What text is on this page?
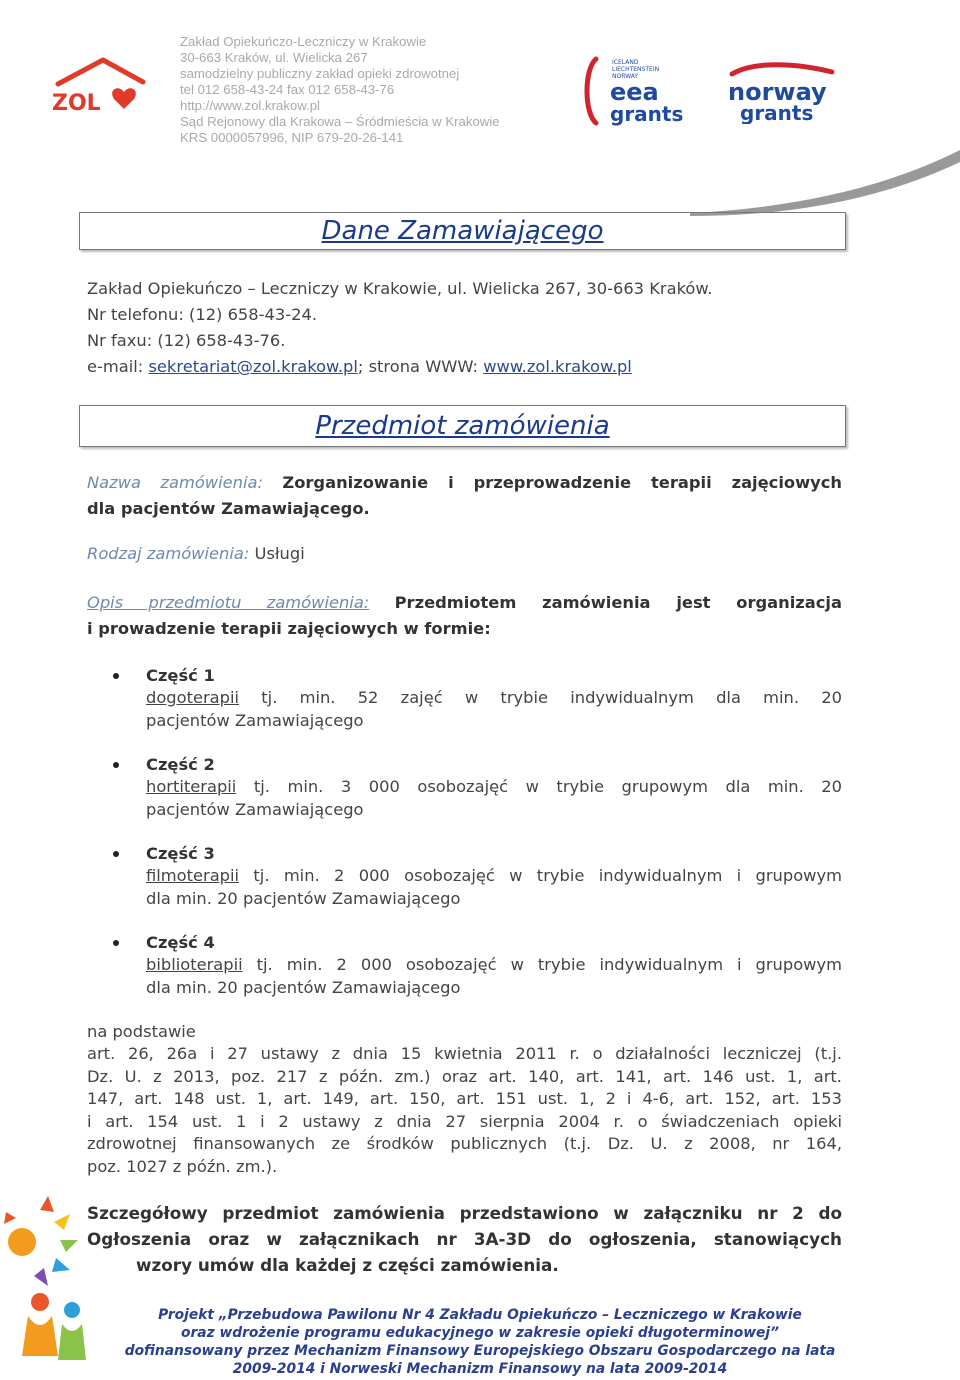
ZOL
Zakład Opiekuńczo-Leczniczy w Krakowie
30-663 Kraków, ul. Wielicka 267
samodzielny publiczny zakład opieki zdrowotnej
tel 012 658-43-24 fax 012 658-43-76
http://www.zol.krakow.pl
Sąd Rejonowy dla Krakowa – Śródmieścia w Krakowie
KRS 0000057996, NIP 679-20-26-141
ICELAND
LIECHTENSTEIN
NORWAY
eea
grants
norway
grants
Dane Zamawiającego
Zakład Opiekuńczo – Leczniczy w Krakowie, ul. Wielicka 267, 30-663 Kraków.
Nr telefonu: (12) 658-43-24.
Nr faxu: (12) 658-43-76.
e-mail: sekretariat@zol.krakow.pl; strona WWW: www.zol.krakow.pl
Przedmiot zamówienia
Nazwa zamówienia: Zorganizowanie i przeprowadzenie terapii zajęciowych
dla pacjentów Zamawiającego.
Rodzaj zamówienia: Usługi
Opis przedmiotu zamówienia: Przedmiotem zamówienia jest organizacja
i prowadzenie terapii zajęciowych w formie:
Część 1
dogoterapii tj. min. 52 zajęć w trybie indywidualnym dla min. 20
pacjentów Zamawiającego
Część 2
hortiterapii tj. min. 3 000 osobozajęć w trybie grupowym dla min. 20
pacjentów Zamawiającego
Część 3
filmoterapii tj. min. 2 000 osobozajęć w trybie indywidualnym i grupowym
dla min. 20 pacjentów Zamawiającego
Część 4
biblioterapii tj. min. 2 000 osobozajęć w trybie indywidualnym i grupowym
dla min. 20 pacjentów Zamawiającego
na podstawie
art. 26, 26a i 27 ustawy z dnia 15 kwietnia 2011 r. o działalności leczniczej (t.j.
Dz. U. z 2013, poz. 217 z późn. zm.) oraz art. 140, art. 141, art. 146 ust. 1, art.
147, art. 148 ust. 1, art. 149, art. 150, art. 151 ust. 1, 2 i 4-6, art. 152, art. 153
i art. 154 ust. 1 i 2 ustawy z dnia 27 sierpnia 2004 r. o świadczeniach opieki
zdrowotnej finansowanych ze środków publicznych (t.j. Dz. U. z 2008, nr 164,
poz. 1027 z późn. zm.).
Szczegółowy przedmiot zamówienia przedstawiono w załączniku nr 2 do
Ogłoszenia oraz w załącznikach nr 3A-3D do ogłoszenia, stanowiących
wzory umów dla każdej z części zamówienia.
Projekt „Przebudowa Pawilonu Nr 4 Zakładu Opiekuńczo – Leczniczego w Krakowie
oraz wdrożenie programu edukacyjnego w zakresie opieki długoterminowej”
dofinansowany przez Mechanizm Finansowy Europejskiego Obszaru Gospodarczego na lata
2009-2014 i Norweski Mechanizm Finansowy na lata 2009-2014
